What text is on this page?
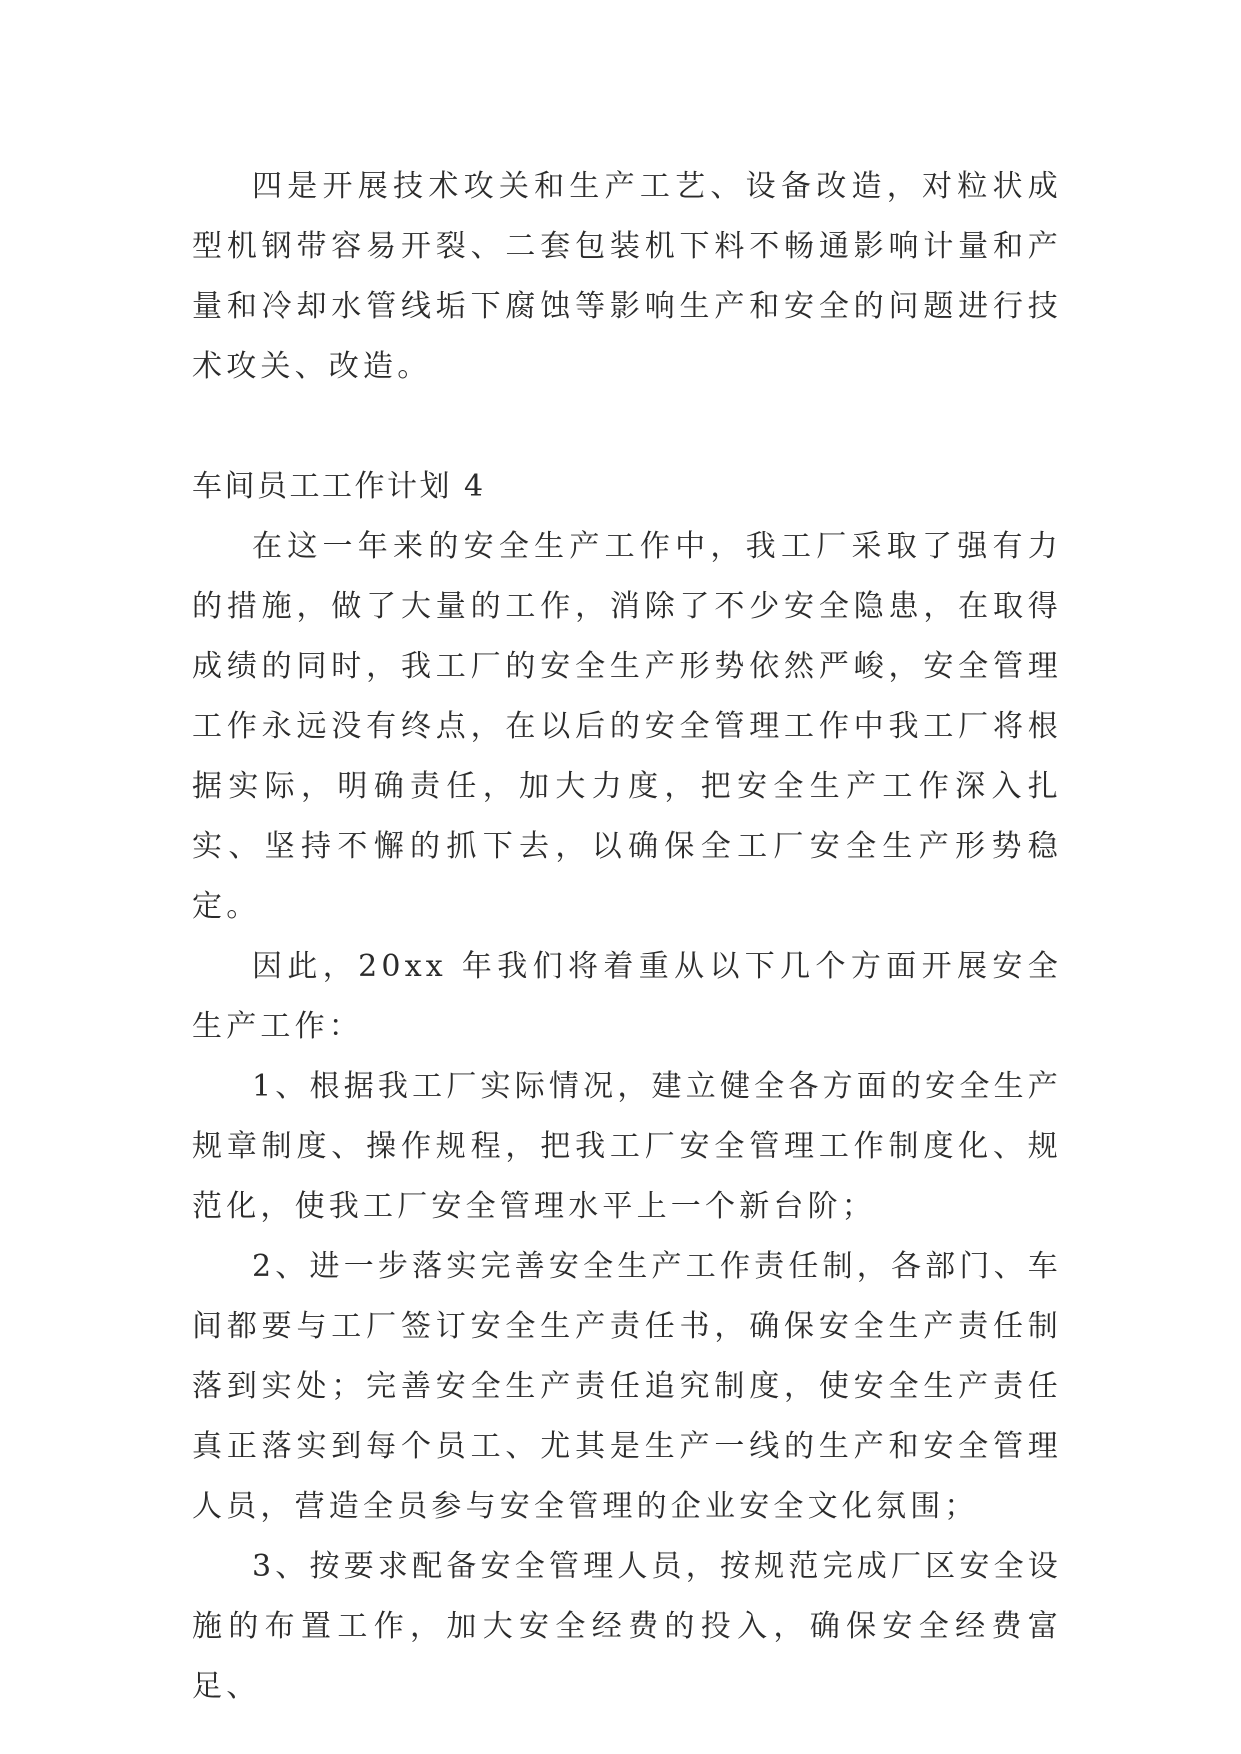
四是开展技术攻关和生产工艺、设备改造，对粒状成型机钢带容易开裂、二套包装机下料不畅通影响计量和产量和冷却水管线垢下腐蚀等影响生产和安全的问题进行技术攻关、改造。

车间员工工作计划 4

在这一年来的安全生产工作中，我工厂采取了强有力的措施，做了大量的工作，消除了不少安全隐患，在取得成绩的同时，我工厂的安全生产形势依然严峻，安全管理工作永远没有终点，在以后的安全管理工作中我工厂将根据实际，明确责任，加大力度，把安全生产工作深入扎实、坚持不懈的抓下去，以确保全工厂安全生产形势稳定。

因此，20xx 年我们将着重从以下几个方面开展安全生产工作：

1、根据我工厂实际情况，建立健全各方面的安全生产规章制度、操作规程，把我工厂安全管理工作制度化、规范化，使我工厂安全管理水平上一个新台阶；

2、进一步落实完善安全生产工作责任制，各部门、车间都要与工厂签订安全生产责任书，确保安全生产责任制落到实处；完善安全生产责任追究制度，使安全生产责任真正落实到每个员工、尤其是生产一线的生产和安全管理人员，营造全员参与安全管理的企业安全文化氛围；

3、按要求配备安全管理人员，按规范完成厂区安全设施的布置工作，加大安全经费的投入，确保安全经费富足、
